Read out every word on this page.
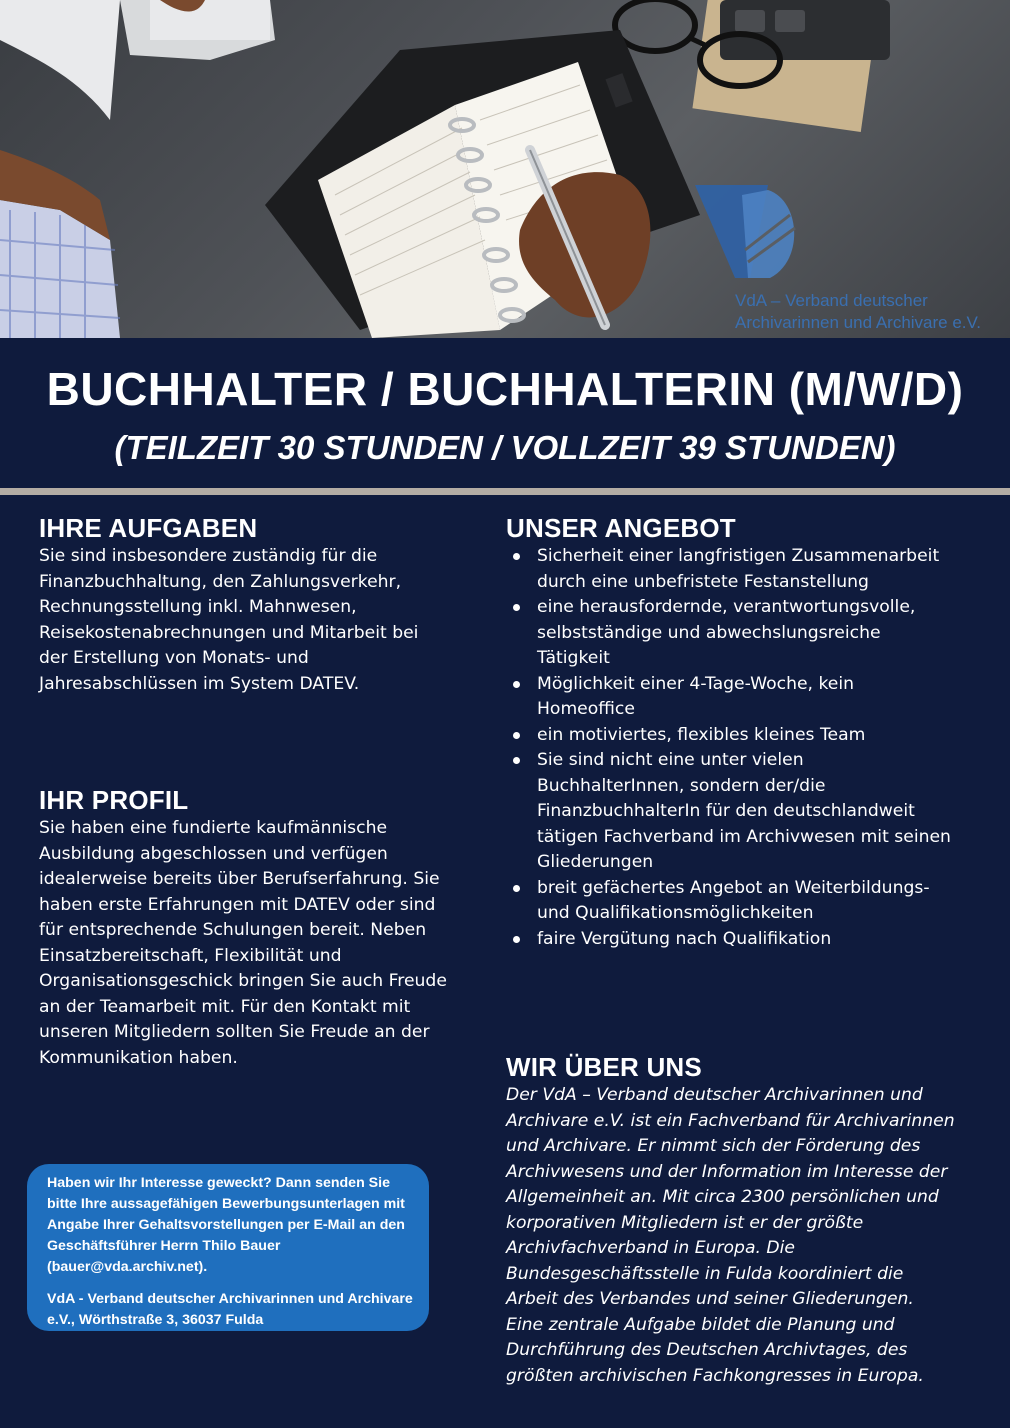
VdA – Verband deutscher
Archivarinnen und Archivare e.V.
BUCHHALTER / BUCHHALTERIN (M/W/D)
(TEILZEIT 30 STUNDEN / VOLLZEIT 39 STUNDEN)
IHRE AUFGABEN

Sie sind insbesondere zuständig für die Finanzbuchhaltung, den Zahlungsverkehr, Rechnungsstellung inkl. Mahnwesen, Reisekostenabrechnungen und Mitarbeit bei der Erstellung von Monats- und Jahresabschlüssen im System DATEV.

IHR PROFIL

Sie haben eine fundierte kaufmännische Ausbildung abgeschlossen und verfügen idealerweise bereits über Berufserfahrung. Sie haben erste Erfahrungen mit DATEV oder sind für entsprechende Schulungen bereit. Neben Einsatzbereitschaft, Flexibilität und Organisationsgeschick bringen Sie auch Freude an der Teamarbeit mit. Für den Kontakt mit unseren Mitgliedern sollten Sie Freude an der Kommunikation haben.

Haben wir Ihr Interesse geweckt? Dann senden Sie bitte Ihre aussagefähigen Bewerbungsunterlagen mit Angabe Ihrer Gehaltsvorstellungen per E-Mail an den Geschäftsführer Herrn Thilo Bauer (bauer@vda.archiv.net).

VdA - Verband deutscher Archivarinnen und Archivare e.V., Wörthstraße 3, 36037 Fulda

UNSER ANGEBOT
Sicherheit einer langfristigen Zusammenarbeit durch eine unbefristete Festanstellung
eine herausfordernde, verantwortungsvolle, selbstständige und abwechslungsreiche Tätigkeit
Möglichkeit einer 4-Tage-Woche, kein Homeoffice
ein motiviertes, flexibles kleines Team
Sie sind nicht eine unter vielen BuchhalterInnen, sondern der/die FinanzbuchhalterIn für den deutschlandweit tätigen Fachverband im Archivwesen mit seinen Gliederungen
breit gefächertes Angebot an Weiterbildungs- und Qualifikationsmöglichkeiten
faire Vergütung nach Qualifikation
WIR ÜBER UNS

Der VdA – Verband deutscher Archivarinnen und Archivare e.V. ist ein Fachverband für Archivarinnen und Archivare. Er nimmt sich der Förderung des Archivwesens und der Information im Interesse der Allgemeinheit an. Mit circa 2300 persönlichen und korporativen Mitgliedern ist er der größte Archivfachverband in Europa. Die Bundesgeschäftsstelle in Fulda koordiniert die Arbeit des Verbandes und seiner Gliederungen. Eine zentrale Aufgabe bildet die Planung und Durchführung des Deutschen Archivtages, des größten archivischen Fachkongresses in Europa.
